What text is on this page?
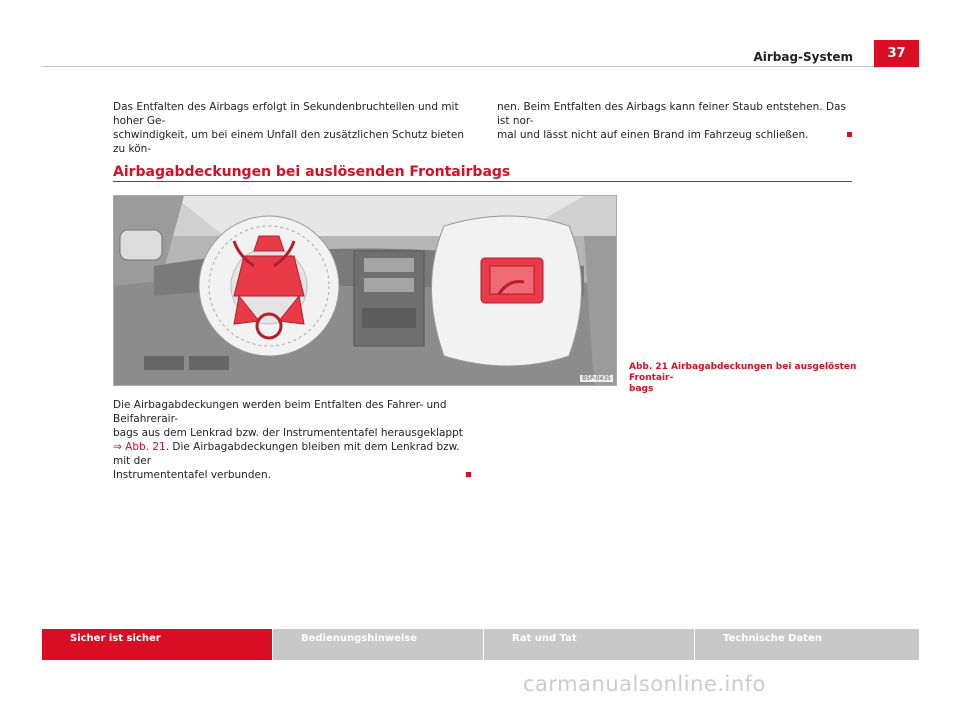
Airbag-System	37
Das Entfalten des Airbags erfolgt in Sekundenbruchteilen und mit hoher Ge-
schwindigkeit, um bei einem Unfall den zusätzlichen Schutz bieten zu kön-
nen. Beim Entfalten des Airbags kann feiner Staub entstehen. Das ist nor-
mal und lässt nicht auf einen Brand im Fahrzeug schließen.
Airbagabdeckungen bei auslösenden Frontairbags
B5P-0435
Abb. 21 Airbagabdeckungen bei ausgelösten Frontair-
bags
Die Airbagabdeckungen werden beim Entfalten des Fahrer- und Beifahrerair-
bags aus dem Lenkrad bzw. der Instrumententafel herausgeklappt
⇒ Abb. 21. Die Airbagabdeckungen bleiben mit dem Lenkrad bzw. mit der
Instrumententafel verbunden.
Sicher ist sicher	Bedienungshinweise	Rat und Tat	Technische Daten
carmanualsonline.info
